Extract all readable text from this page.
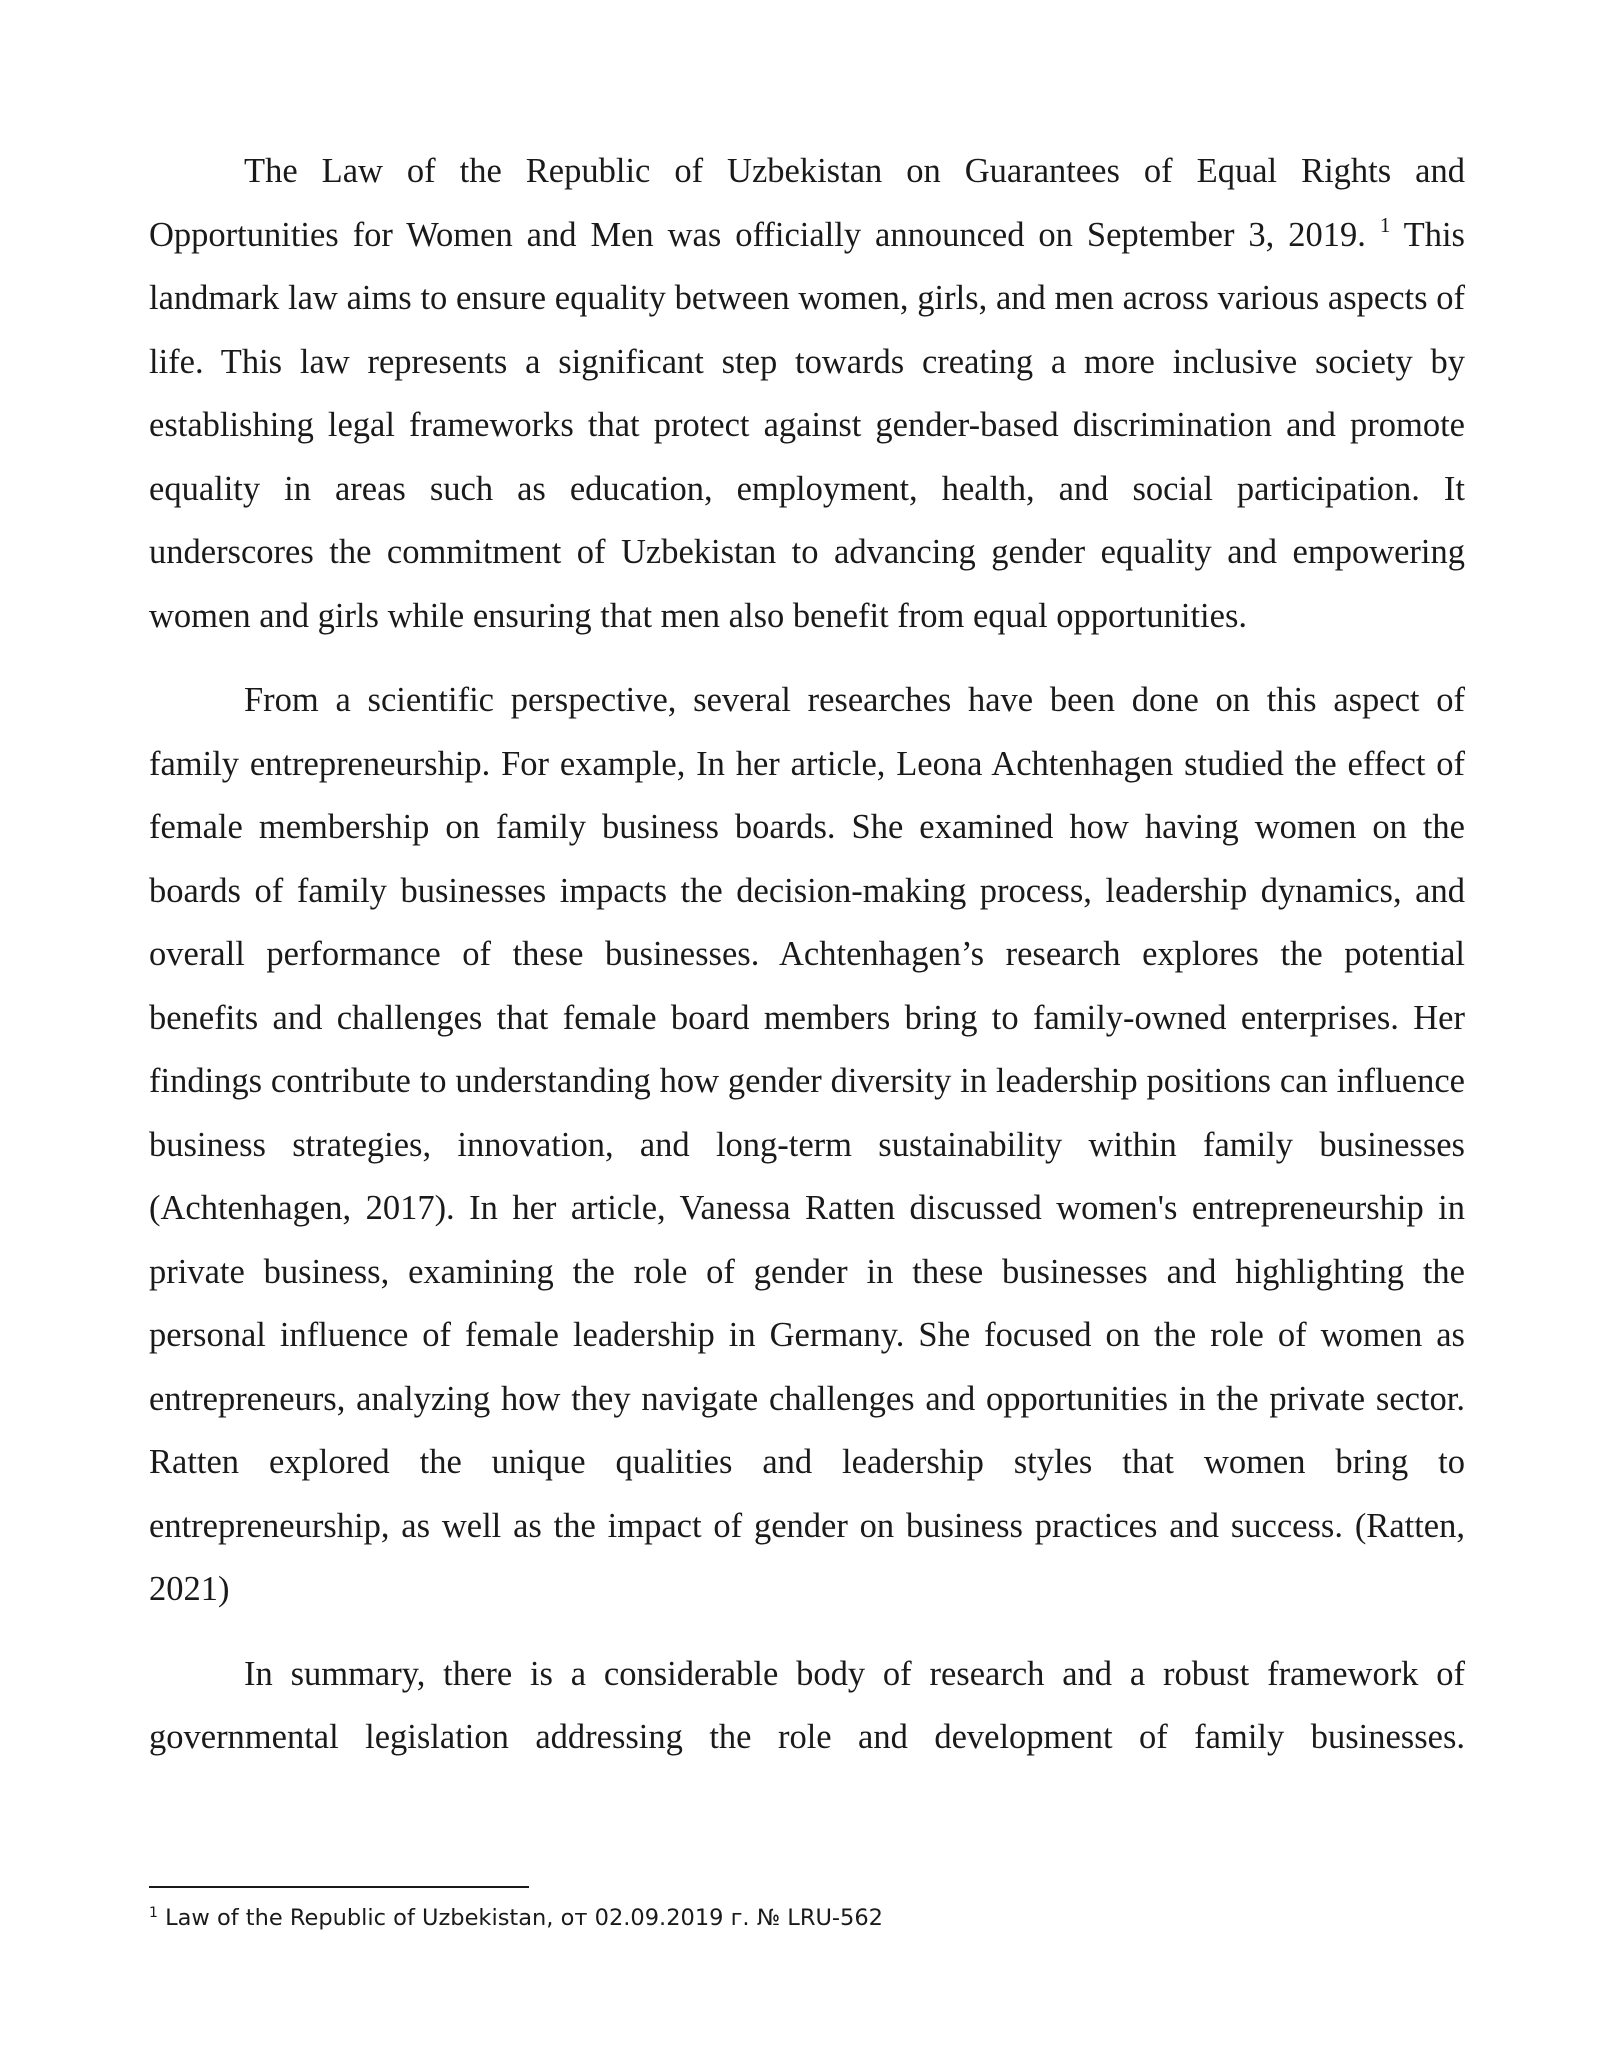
The Law of the Republic of Uzbekistan on Guarantees of Equal Rights and Opportunities for Women and Men was officially announced on September 3, 2019. $^1$ This landmark law aims to ensure equality between women, girls, and men across various aspects of life. This law represents a significant step towards creating a more inclusive society by establishing legal frameworks that protect against gender-based discrimination and promote equality in areas such as education, employment, health, and social participation. It underscores the commitment of Uzbekistan to advancing gender equality and empowering women and girls while ensuring that men also benefit from equal opportunities.

From a scientific perspective, several researches have been done on this aspect of family entrepreneurship. For example, In her article, Leona Achtenhagen studied the effect of female membership on family business boards. She examined how having women on the boards of family businesses impacts the decision-making process, leadership dynamics, and overall performance of these businesses. Achtenhagen’s research explores the potential benefits and challenges that female board members bring to family-owned enterprises. Her findings contribute to understanding how gender diversity in leadership positions can influence business strategies, innovation, and long-term sustainability within family businesses (Achtenhagen, 2017). In her article, Vanessa Ratten discussed women's entrepreneurship in private business, examining the role of gender in these businesses and highlighting the personal influence of female leadership in Germany. She focused on the role of women as entrepreneurs, analyzing how they navigate challenges and opportunities in the private sector. Ratten explored the unique qualities and leadership styles that women bring to entrepreneurship, as well as the impact of gender on business practices and success. (Ratten, 2021)

In summary, there is a considerable body of research and a robust framework of governmental legislation addressing the role and development of family businesses.

$^1$ Law of the Republic of Uzbekistan, от 02.09.2019 г. № LRU-562
